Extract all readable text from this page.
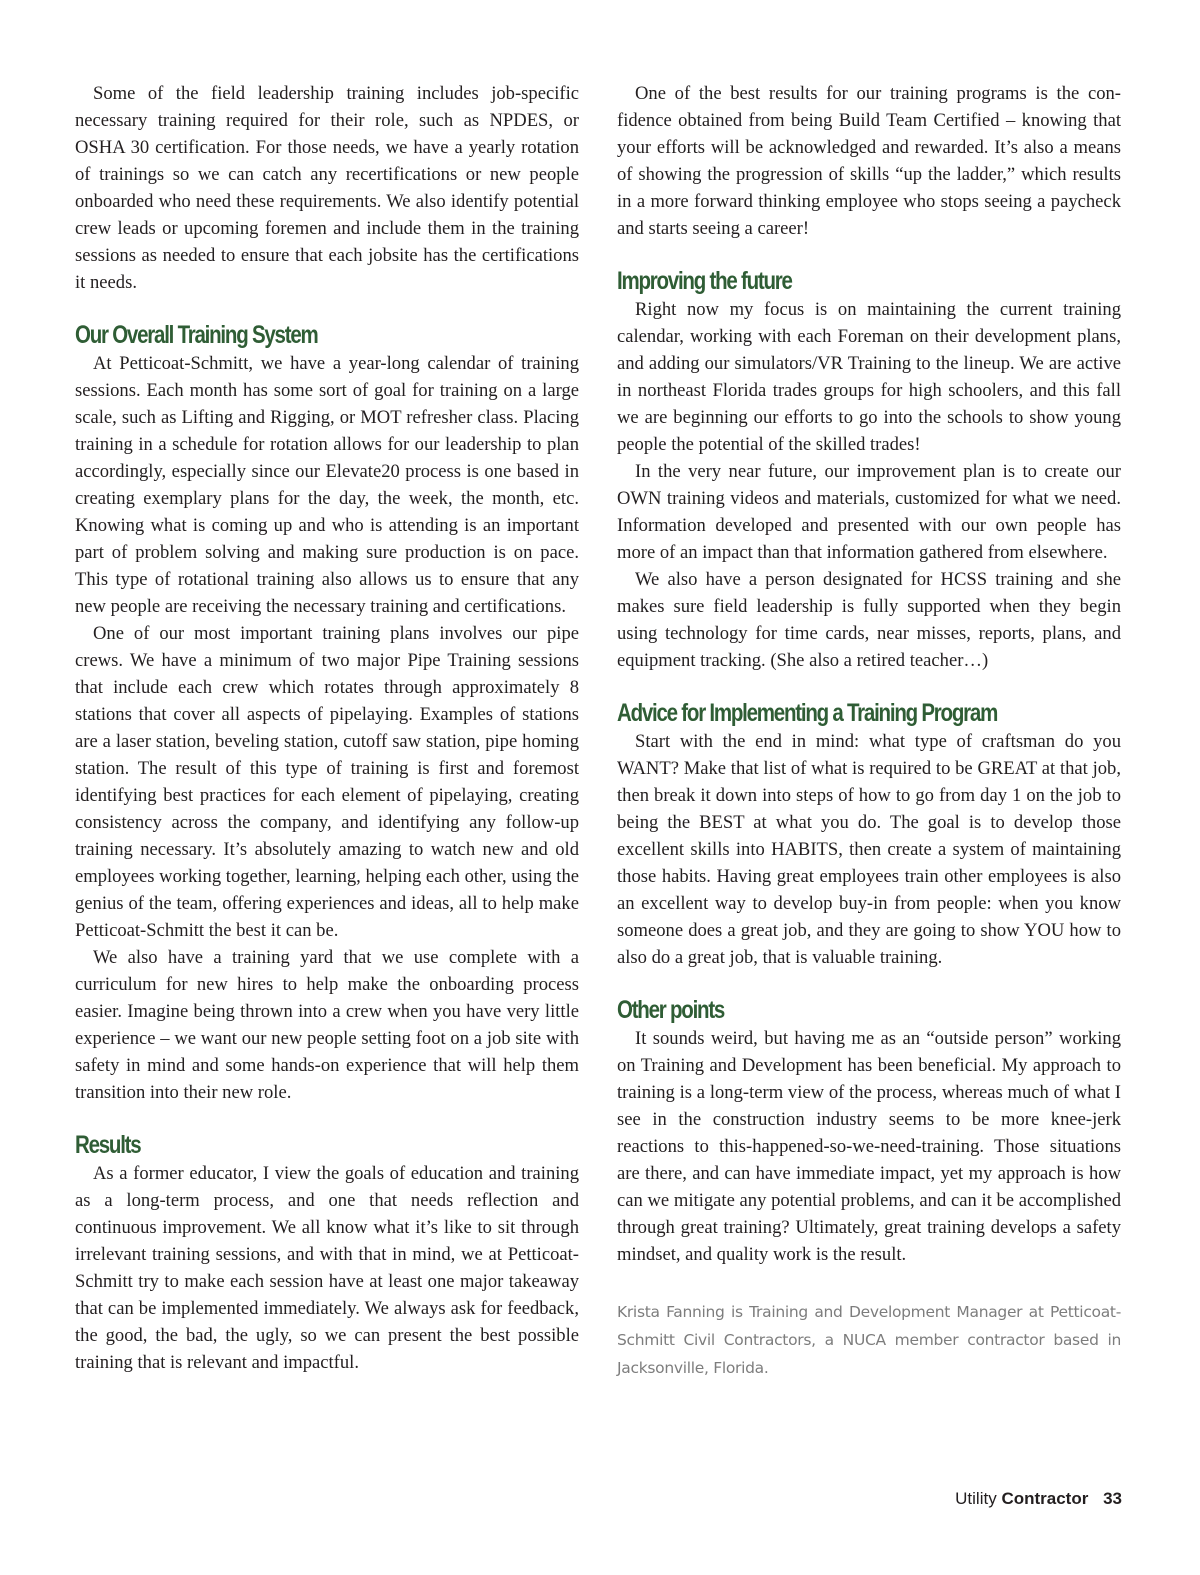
Some of the field leadership training includes job-specific necessary training required for their role, such as NPDES, or OSHA 30 certification. For those needs, we have a yearly rotation of trainings so we can catch any recertifications or new people onboarded who need these requirements. We also identify potential crew leads or upcoming foremen and include them in the training sessions as needed to ensure that each jobsite has the certifications it needs.

Our Overall Training System

At Petticoat-Schmitt, we have a year-long calendar of training sessions. Each month has some sort of goal for training on a large scale, such as Lifting and Rigging, or MOT refresher class. Placing training in a schedule for rotation allows for our leadership to plan accordingly, especially since our Elevate20 process is one based in creating exemplary plans for the day, the week, the month, etc. Knowing what is coming up and who is attending is an important part of problem solving and making sure production is on pace. This type of rotational training also allows us to ensure that any new people are receiving the necessary training and certifications.

One of our most important training plans involves our pipe crews. We have a minimum of two major Pipe Training sessions that include each crew which rotates through approximately 8 stations that cover all aspects of pipelaying. Examples of stations are a laser station, beveling station, cutoff saw station, pipe homing station. The result of this type of training is first and foremost identifying best practices for each element of pipelaying, creating consistency across the company, and identifying any follow-up training necessary. It’s absolutely amazing to watch new and old employees working together, learning, helping each other, using the genius of the team, offering experiences and ideas, all to help make Petticoat-Schmitt the best it can be.

We also have a training yard that we use complete with a curriculum for new hires to help make the onboarding process easier. Imagine being thrown into a crew when you have very little experience – we want our new people setting foot on a job site with safety in mind and some hands-on experience that will help them transition into their new role.

Results

As a former educator, I view the goals of education and training as a long-term process, and one that needs reflection and continuous improvement. We all know what it’s like to sit through irrelevant training sessions, and with that in mind, we at Petticoat-Schmitt try to make each session have at least one major takeaway that can be implemented immediately. We always ask for feedback, the good, the bad, the ugly, so we can present the best possible training that is relevant and impactful.

One of the best results for our training programs is the confidence obtained from being Build Team Certified – knowing that your efforts will be acknowledged and rewarded. It’s also a means of showing the progression of skills “up the ladder,” which results in a more forward thinking employee who stops seeing a paycheck and starts seeing a career!

Improving the future

Right now my focus is on maintaining the current training calendar, working with each Foreman on their development plans, and adding our simulators/VR Training to the lineup. We are active in northeast Florida trades groups for high schoolers, and this fall we are beginning our efforts to go into the schools to show young people the potential of the skilled trades!

In the very near future, our improvement plan is to create our OWN training videos and materials, customized for what we need. Information developed and presented with our own people has more of an impact than that information gathered from elsewhere.

We also have a person designated for HCSS training and she makes sure field leadership is fully supported when they begin using technology for time cards, near misses, reports, plans, and equipment tracking. (She also a retired teacher…)

Advice for Implementing a Training Program

Start with the end in mind: what type of craftsman do you WANT? Make that list of what is required to be GREAT at that job, then break it down into steps of how to go from day 1 on the job to being the BEST at what you do. The goal is to develop those excellent skills into HABITS, then create a system of maintaining those habits. Having great employees train other employees is also an excellent way to develop buy-in from people: when you know someone does a great job, and they are going to show YOU how to also do a great job, that is valuable training.

Other points

It sounds weird, but having me as an “outside person” working on Training and Development has been beneficial. My approach to training is a long-term view of the process, whereas much of what I see in the construction industry seems to be more knee-jerk reactions to this-happened-so-we-need-training. Those situations are there, and can have immediate impact, yet my approach is how can we mitigate any potential problems, and can it be accomplished through great training? Ultimately, great training develops a safety mindset, and quality work is the result.

Krista Fanning is Training and Development Manager at Petticoat-Schmitt Civil Contractors, a NUCA member contractor based in Jacksonville, Florida.

Utility Contractor 33
